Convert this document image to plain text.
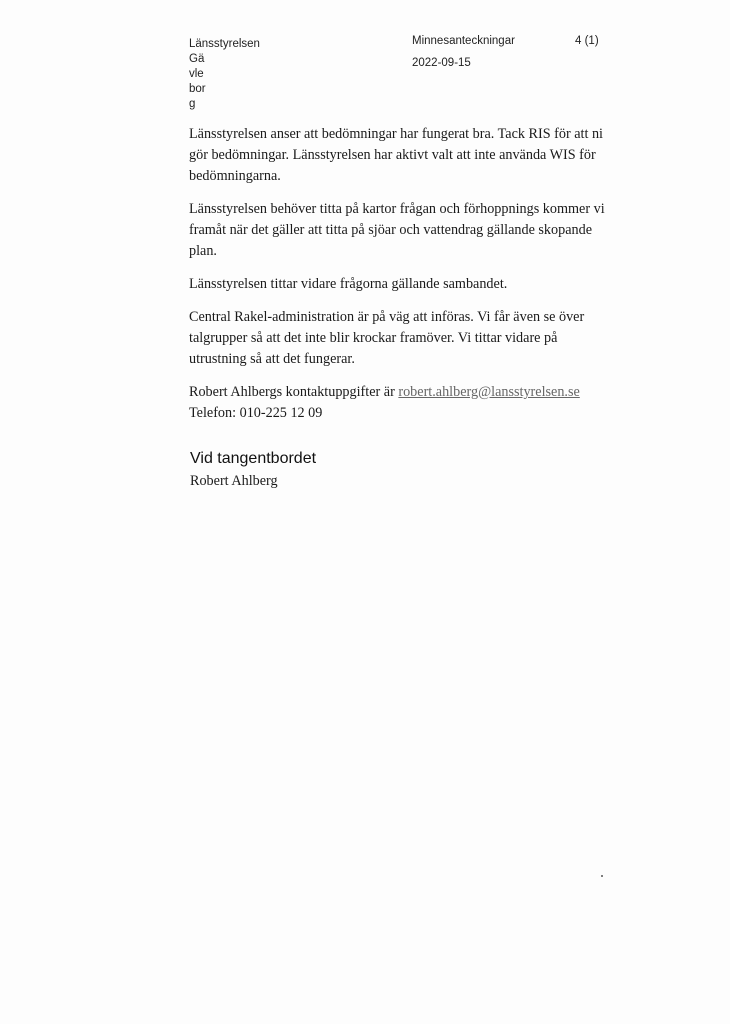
Länsstyrelsen
Gä
vle
bor
g
Minnesanteckningar
2022-09-15
4 (1)

Länsstyrelsen anser att bedömningar har fungerat bra. Tack RIS för att ni gör bedömningar. Länsstyrelsen har aktivt valt att inte använda WIS för bedömningarna.

Länsstyrelsen behöver titta på kartor frågan och förhoppnings kommer vi framåt när det gäller att titta på sjöar och vattendrag gällande skopande plan.

Länsstyrelsen tittar vidare frågorna gällande sambandet.

Central Rakel-administration är på väg att införas. Vi får även se över talgrupper så att det inte blir krockar framöver. Vi tittar vidare på utrustning så att det fungerar.

Robert Ahlbergs kontaktuppgifter är robert.ahlberg@lansstyrelsen.se
Telefon: 010-225 12 09

Vid tangentbordet
Robert Ahlberg
